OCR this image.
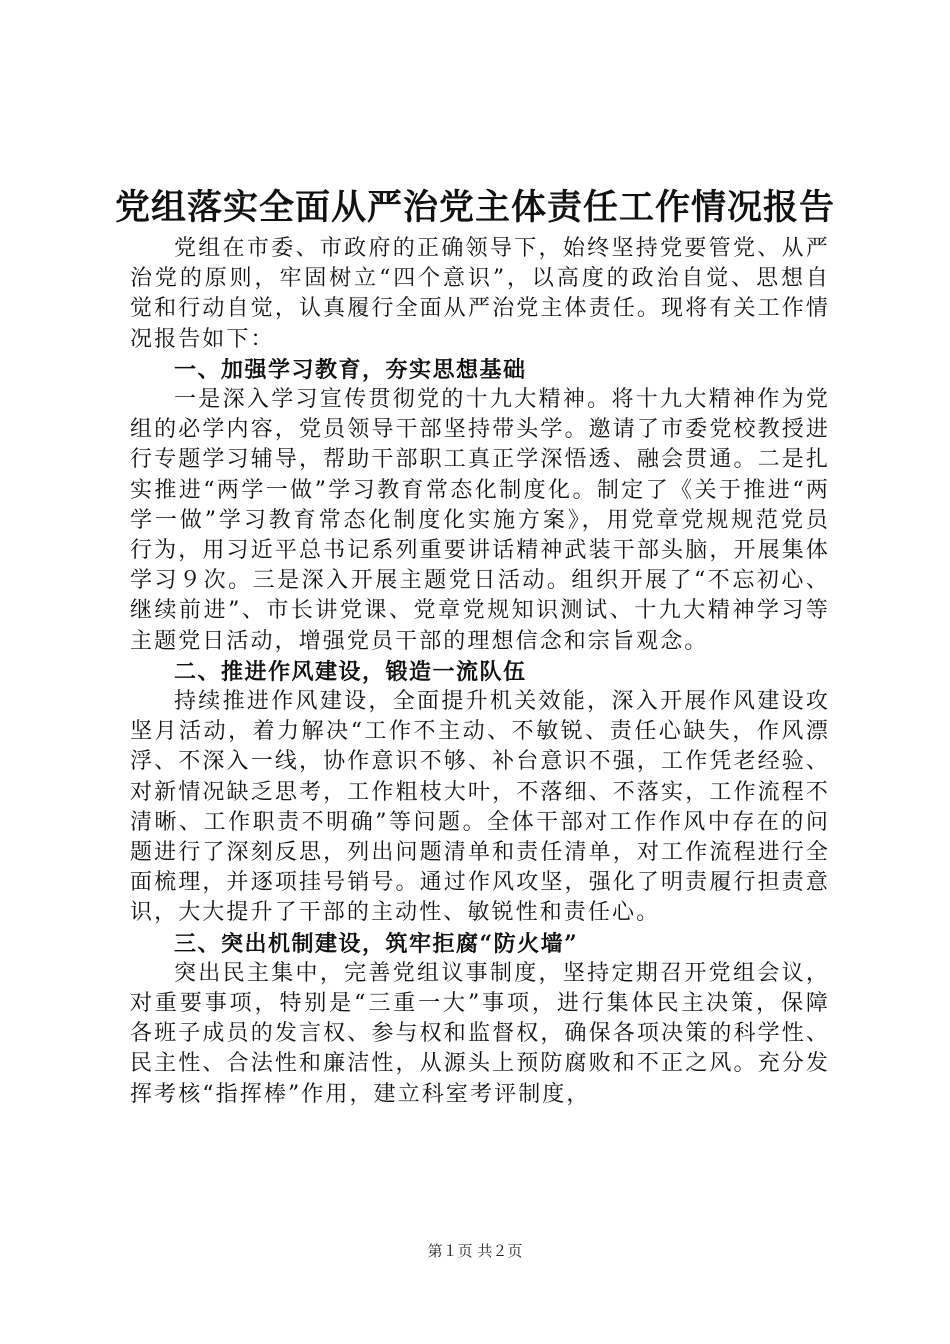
党组落实全面从严治党主体责任工作情况报告

党组在市委、市政府的正确领导下，始终坚持党要管党、从严治党的原则，牢固树立“四个意识”，以高度的政治自觉、思想自觉和行动自觉，认真履行全面从严治党主体责任。现将有关工作情况报告如下：

一、加强学习教育，夯实思想基础

一是深入学习宣传贯彻党的十九大精神。将十九大精神作为党组的必学内容，党员领导干部坚持带头学。邀请了市委党校教授进行专题学习辅导，帮助干部职工真正学深悟透、融会贯通。二是扎实推进“两学一做”学习教育常态化制度化。制定了《关于推进“两学一做”学习教育常态化制度化实施方案》，用党章党规规范党员行为，用习近平总书记系列重要讲话精神武装干部头脑，开展集体学习９次。三是深入开展主题党日活动。组织开展了“不忘初心、继续前进”、市长讲党课、党章党规知识测试、十九大精神学习等主题党日活动，增强党员干部的理想信念和宗旨观念。

二、推进作风建设，锻造一流队伍

持续推进作风建设，全面提升机关效能，深入开展作风建设攻坚月活动，着力解决“工作不主动、不敏锐、责任心缺失，作风漂浮、不深入一线，协作意识不够、补台意识不强，工作凭老经验、对新情况缺乏思考，工作粗枝大叶，不落细、不落实，工作流程不清晰、工作职责不明确”等问题。全体干部对工作作风中存在的问题进行了深刻反思，列出问题清单和责任清单，对工作流程进行全面梳理，并逐项挂号销号。通过作风攻坚，强化了明责履行担责意识，大大提升了干部的主动性、敏锐性和责任心。

三、突出机制建设，筑牢拒腐“防火墙”

突出民主集中，完善党组议事制度，坚持定期召开党组会议，对重要事项，特别是“三重一大”事项，进行集体民主决策，保障各班子成员的发言权、参与权和监督权，确保各项决策的科学性、民主性、合法性和廉洁性，从源头上预防腐败和不正之风。充分发挥考核“指挥棒”作用，建立科室考评制度，

第１页 共２页
